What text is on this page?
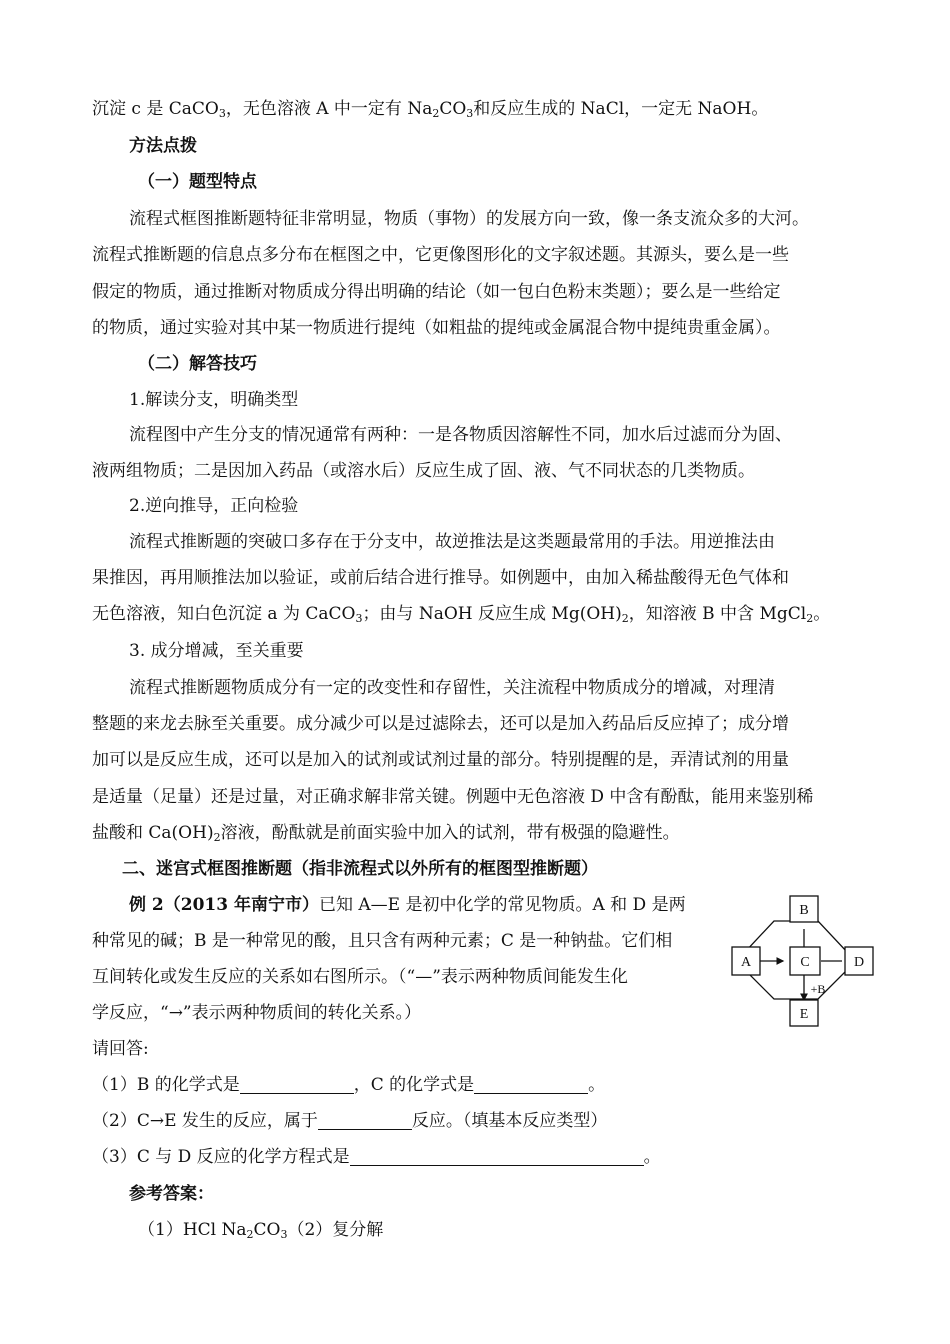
沉淀 c 是 CaCO$_3$，无色溶液 A 中一定有 $Na_2CO_3$和反应生成的 NaCl，一定无 NaOH。
方法点拨
（一）题型特点
流程式框图推断题特征非常明显，物质（事物）的发展方向一致，像一条支流众多的大河。
流程式推断题的信息点多分布在框图之中，它更像图形化的文字叙述题。其源头，要么是一些
假定的物质，通过推断对物质成分得出明确的结论（如一包白色粉末类题）；要么是一些给定
的物质，通过实验对其中某一物质进行提纯（如粗盐的提纯或金属混合物中提纯贵重金属）。
（二）解答技巧
1.解读分支，明确类型
流程图中产生分支的情况通常有两种：一是各物质因溶解性不同，加水后过滤而分为固、
液两组物质；二是因加入药品（或溶水后）反应生成了固、液、气不同状态的几类物质。
2.逆向推导，正向检验
流程式推断题的突破口多存在于分支中，故逆推法是这类题最常用的手法。用逆推法由
果推因，再用顺推法加以验证，或前后结合进行推导。如例题中，由加入稀盐酸得无色气体和
无色溶液，知白色沉淀 a 为 CaCO$_3$；由与 NaOH 反应生成 $Mg(OH)_2$，知溶液 B 中含 MgCl$_2$。
3. 成分增减，至关重要
流程式推断题物质成分有一定的改变性和存留性，关注流程中物质成分的增减，对理清
整题的来龙去脉至关重要。成分减少可以是过滤除去，还可以是加入药品后反应掉了；成分增
加可以是反应生成，还可以是加入的试剂或试剂过量的部分。特别提醒的是，弄清试剂的用量
是适量（足量）还是过量，对正确求解非常关键。例题中无色溶液 D 中含有酚酞，能用来鉴别稀
盐酸和 $Ca(OH)_2$溶液，酚酞就是前面实验中加入的试剂，带有极强的隐避性。
二、迷宫式框图推断题（指非流程式以外所有的框图型推断题）
例 2（2013 年南宁市）已知 A—E 是初中化学的常见物质。A 和 D 是两
种常见的碱；B 是一种常见的酸，且只含有两种元素；C 是一种钠盐。它们相
互间转化或发生反应的关系如右图所示。（“—”表示两种物质间能发生化
学反应，“→”表示两种物质间的转化关系。）
B
C
A	D
E
+B
请回答:
（1）B 的化学式是	，C 的化学式是	。
（2）C→E 发生的反应，属于	反应。（填基本反应类型）
（3）C 与 D 反应的化学方程式是	。
参考答案：
（1）HCl $Na_2CO_3(2)$复分解
